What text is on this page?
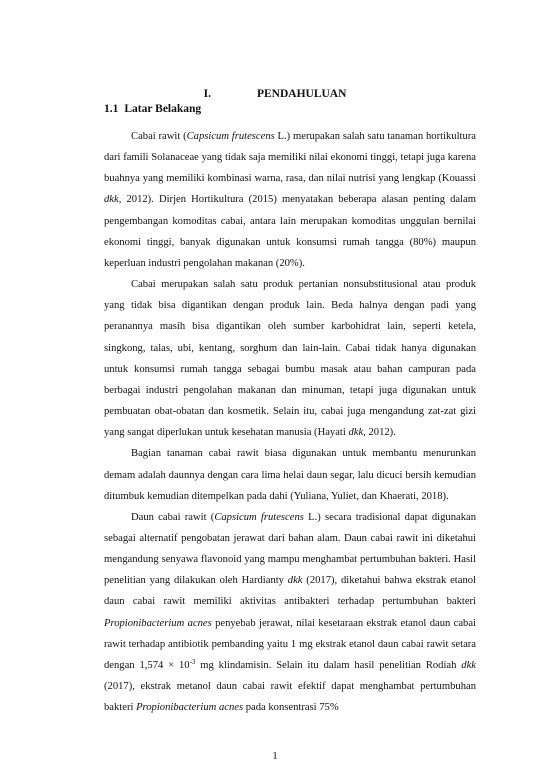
I.	PENDAHULUAN
1.1 Latar Belakang

Cabai rawit (Capsicum frutescens L.) merupakan salah satu tanaman hortikultura dari famili Solanaceae yang tidak saja memiliki nilai ekonomi tinggi, tetapi juga karena buahnya yang memiliki kombinasi warna, rasa, dan nilai nutrisi yang lengkap (Kouassi dkk, 2012). Dirjen Hortikultura (2015) menyatakan beberapa alasan penting dalam pengembangan komoditas cabai, antara lain merupakan komoditas unggulan bernilai ekonomi tinggi, banyak digunakan untuk konsumsi rumah tangga (80%) maupun keperluan industri pengolahan makanan (20%).

Cabai merupakan salah satu produk pertanian nonsubstitusional atau produk yang tidak bisa digantikan dengan produk lain. Beda halnya dengan padi yang peranannya masih bisa digantikan oleh sumber karbohidrat lain, seperti ketela, singkong, talas, ubi, kentang, sorghum dan lain-lain. Cabai tidak hanya digunakan untuk konsumsi rumah tangga sebagai bumbu masak atau bahan campuran pada berbagai industri pengolahan makanan dan minuman, tetapi juga digunakan untuk pembuatan obat-obatan dan kosmetik. Selain itu, cabai juga mengandung zat-zat gizi yang sangat diperlukan untuk kesehatan manusia (Hayati dkk, 2012).

Bagian tanaman cabai rawit biasa digunakan untuk membantu menurunkan demam adalah daunnya dengan cara lima helai daun segar, lalu dicuci bersih kemudian ditumbuk kemudian ditempelkan pada dahi (Yuliana, Yuliet, dan Khaerati, 2018).

Daun cabai rawit (Capsicum frutescens L.) secara tradisional dapat digunakan sebagai alternatif pengobatan jerawat dari bahan alam. Daun cabai rawit ini diketahui mengandung senyawa flavonoid yang mampu menghambat pertumbuhan bakteri. Hasil penelitian yang dilakukan oleh Hardianty dkk (2017), diketahui bahwa ekstrak etanol daun cabai rawit memiliki aktivitas antibakteri terhadap pertumbuhan bakteri Propionibacterium acnes penyebab jerawat, nilai kesetaraan ekstrak etanol daun cabai rawit terhadap antibiotik pembanding yaitu 1 mg ekstrak etanol daun cabai rawit setara dengan $1,574 \times 10^{-3}$ mg klindamisin. Selain itu dalam hasil penelitian Rodiah dkk (2017), ekstrak metanol daun cabai rawit efektif dapat menghambat pertumbuhan bakteri Propionibacterium acnes pada konsentrasi 75%

1
